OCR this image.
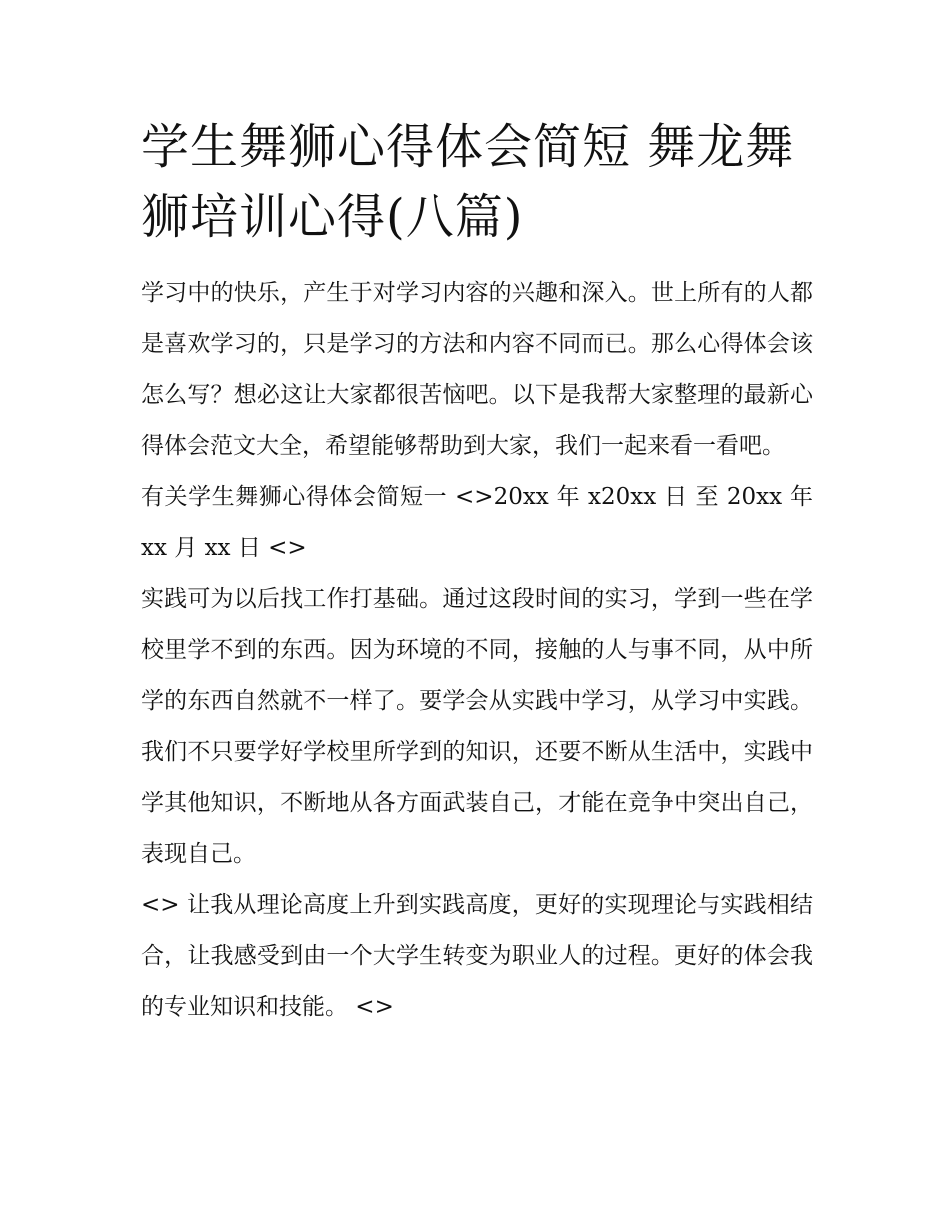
学生舞狮心得体会简短 舞龙舞狮培训心得(八篇)

学习中的快乐，产生于对学习内容的兴趣和深入。世上所有的人都是喜欢学习的，只是学习的方法和内容不同而已。那么心得体会该怎么写？想必这让大家都很苦恼吧。以下是我帮大家整理的最新心得体会范文大全，希望能够帮助到大家，我们一起来看一看吧。

有关学生舞狮心得体会简短一 <>20xx 年 x20xx 日 至 20xx 年 xx 月 xx 日 <>

实践可为以后找工作打基础。通过这段时间的实习，学到一些在学校里学不到的东西。因为环境的不同，接触的人与事不同，从中所学的东西自然就不一样了。要学会从实践中学习，从学习中实践。我们不只要学好学校里所学到的知识，还要不断从生活中，实践中学其他知识，不断地从各方面武装自己，才能在竞争中突出自己，表现自己。

<> 让我从理论高度上升到实践高度，更好的实现理论与实践相结合，让我感受到由一个大学生转变为职业人的过程。更好的体会我的专业知识和技能。 <>
